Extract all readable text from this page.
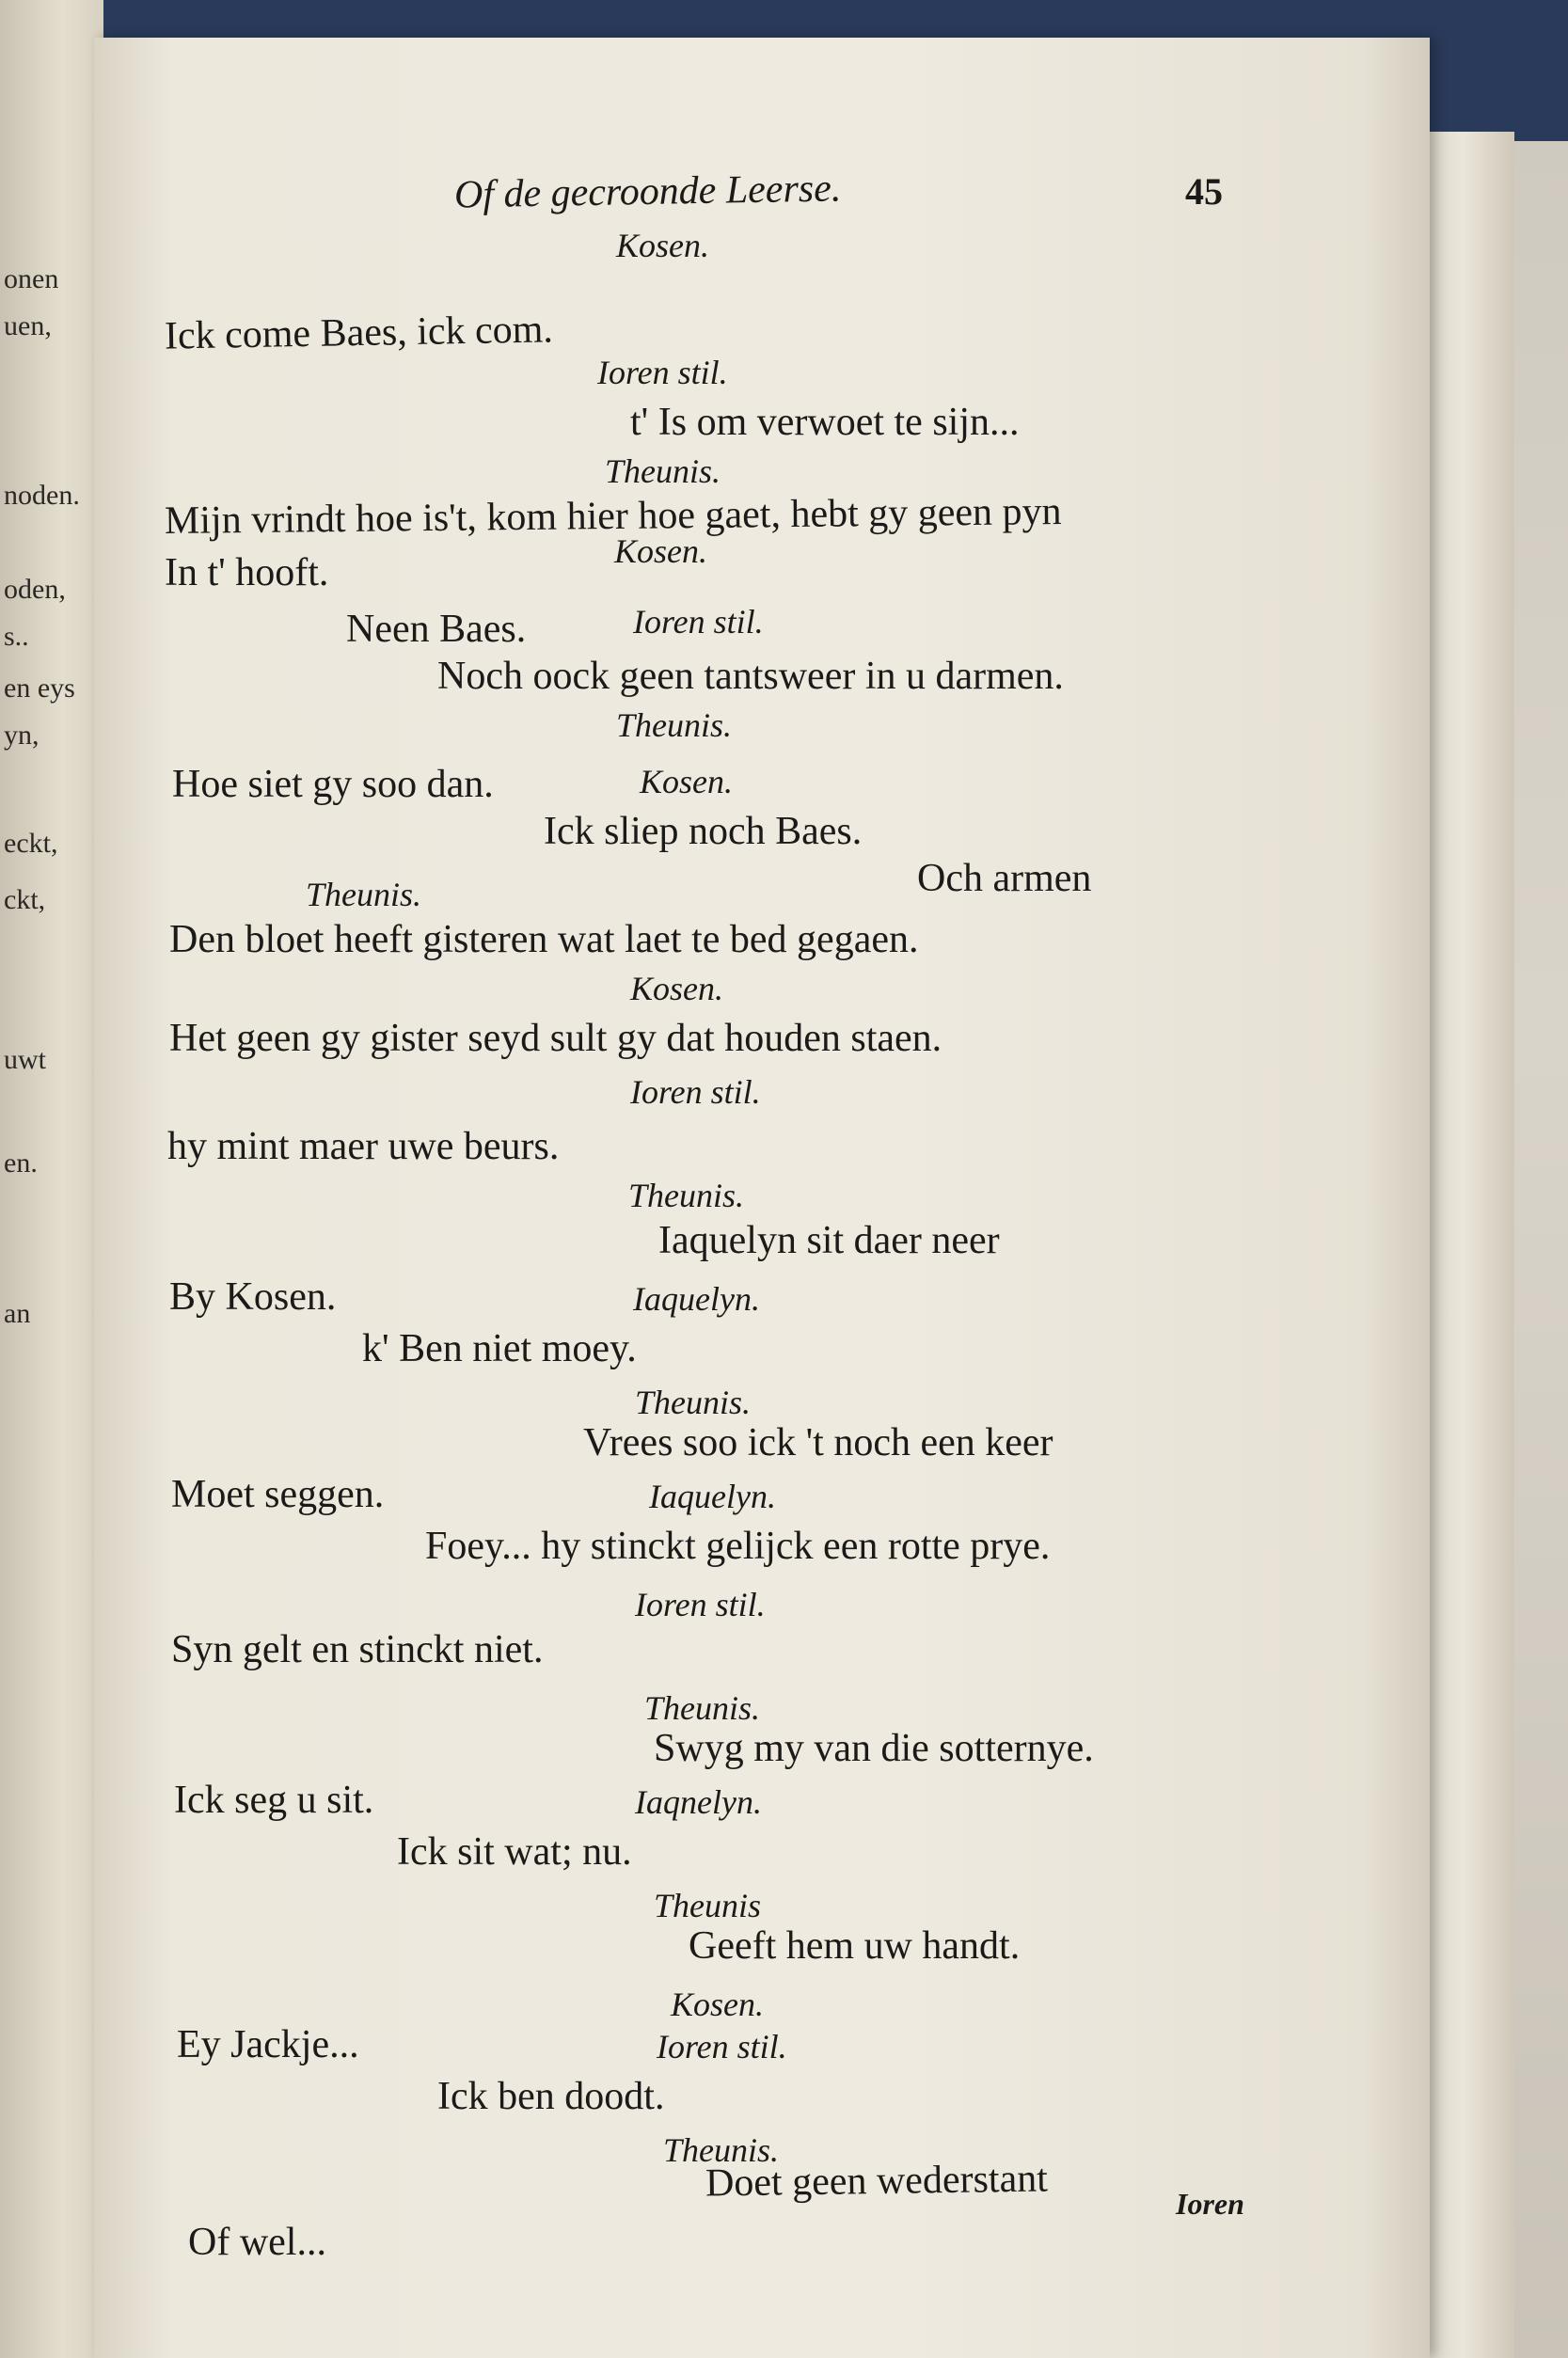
onen
uen,
noden.
oden,
s..
en eys
yn,
eckt,
ckt,
uwt
en.
an
Of de gecroonde Leerse.	45
Kosen.
Ick come Baes, ick com.
Ioren stil.
t' Is om verwoet te sijn...
Theunis.
Mijn vrindt hoe is't, kom hier hoe gaet, hebt gy geen pyn
In t' hooft.	Kosen.
Neen Baes.	Ioren stil.
Noch oock geen tantsweer in u darmen.
Theunis.
Hoe siet gy soo dan.	Kosen.
Ick sliep noch Baes.
Theunis.	Och armen
Den bloet heeft gisteren wat laet te bed gegaen.
Kosen.
Het geen gy gister seyd sult gy dat houden staen.
Ioren stil.
hy mint maer uwe beurs.
Theunis.
Iaquelyn sit daer neer
By Kosen.	Iaquelyn.
k' Ben niet moey.
Theunis.
Vrees soo ick 't noch een keer
Moet seggen.	Iaquelyn.
Foey... hy stinckt gelijck een rotte prye.
Ioren stil.
Syn gelt en stinckt niet.
Theunis.
Swyg my van die sotternye.
Ick seg u sit.	Iaqnelyn.
Ick sit wat; nu.
Theunis
Geeft hem uw handt.
Kosen.
Ey Jackje...	Ioren stil.
Ick ben doodt.
Theunis.
Doet geen wederstant	Ioren
Of wel...
